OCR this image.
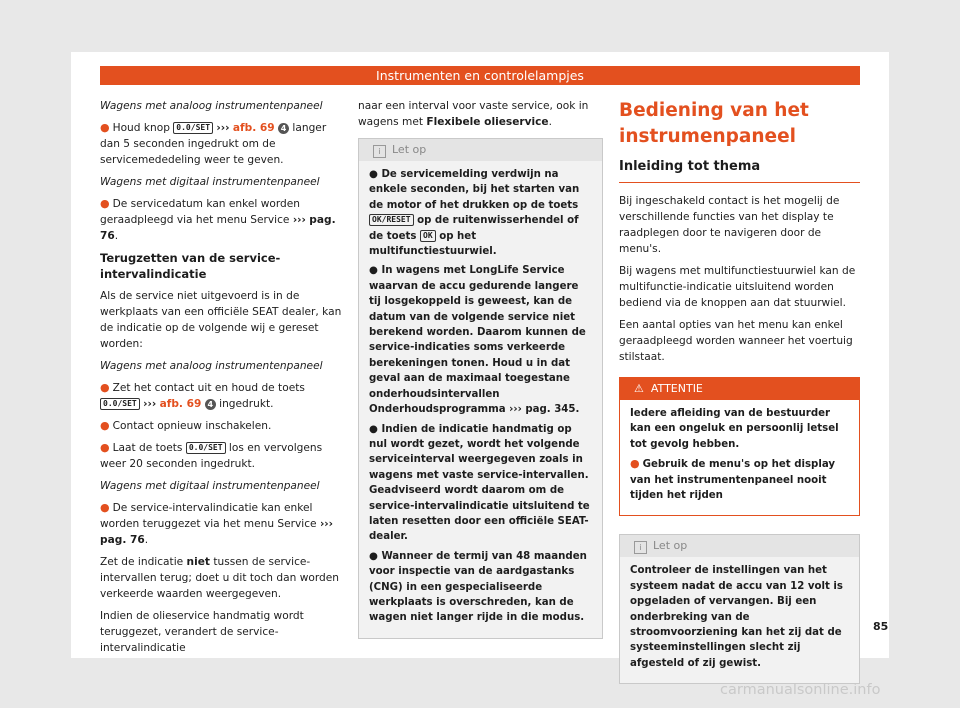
Instrumenten en controlelampjes

Wagens met analoog instrumentenpaneel

● Houd knop 0.0/SET ››› afb. 69 4 langer dan 5 seconden ingedrukt om de servicemededeling weer te geven.

Wagens met digitaal instrumentenpaneel

● De servicedatum kan enkel worden geraadpleegd via het menu Service ››› pag. 76.

Terugzetten van de service-intervalindicatie

Als de service niet uitgevoerd is in de werkplaats van een officiële SEAT dealer, kan de indicatie op de volgende wij e gereset worden:

Wagens met analoog instrumentenpaneel

● Zet het contact uit en houd de toets 0.0/SET ››› afb. 69 4 ingedrukt.

● Contact opnieuw inschakelen.

● Laat de toets 0.0/SET los en vervolgens weer 20 seconden ingedrukt.

Wagens met digitaal instrumentenpaneel

● De service-intervalindicatie kan enkel worden teruggezet via het menu Service ››› pag. 76.

Zet de indicatie niet tussen de service-intervallen terug; doet u dit toch dan worden verkeerde waarden weergegeven.

Indien de olieservice handmatig wordt teruggezet, verandert de service-intervalindicatie

naar een interval voor vaste service, ook in wagens met Flexibele olieservice.

i Let op

● De servicemelding verdwijn na enkele seconden, bij het starten van de motor of het drukken op de toets OK/RESET op de ruitenwisserhendel of de toets OK op het multifunctiestuurwiel.

● In wagens met LongLife Service waarvan de accu gedurende langere tij losgekoppeld is geweest, kan de datum van de volgende service niet berekend worden. Daarom kunnen de service-indicaties soms verkeerde berekeningen tonen. Houd u in dat geval aan de maximaal toegestane onderhoudsintervallen Onderhoudsprogramma ››› pag. 345.

● Indien de indicatie handmatig op nul wordt gezet, wordt het volgende serviceinterval weergegeven zoals in wagens met vaste service-intervallen. Geadviseerd wordt daarom om de service-intervalindicatie uitsluitend te laten resetten door een officiële SEAT-dealer.

● Wanneer de termij van 48 maanden voor inspectie van de aardgastanks (CNG) in een gespecialiseerde werkplaats is overschreden, kan de wagen niet langer rijde in die modus.

Bediening van het instrumenpaneel
Inleiding tot thema

Bij ingeschakeld contact is het mogelij de verschillende functies van het display te raadplegen door te navigeren door de menu's.

Bij wagens met multifunctiestuurwiel kan de multifunctie-indicatie uitsluitend worden bediend via de knoppen aan dat stuurwiel.

Een aantal opties van het menu kan enkel geraadpleegd worden wanneer het voertuig stilstaat.

⚠ ATTENTIE

Iedere afleiding van de bestuurder kan een ongeluk en persoonlij letsel tot gevolg hebben.

● Gebruik de menu's op het display van het instrumentenpaneel nooit tijden het rijden

i Let op

Controleer de instellingen van het systeem nadat de accu van 12 volt is opgeladen of vervangen. Bij een onderbreking van de stroomvoorziening kan het zij dat de systeeminstellingen slecht zij afgesteld of zij gewist.

85
carmanualsonline.info
